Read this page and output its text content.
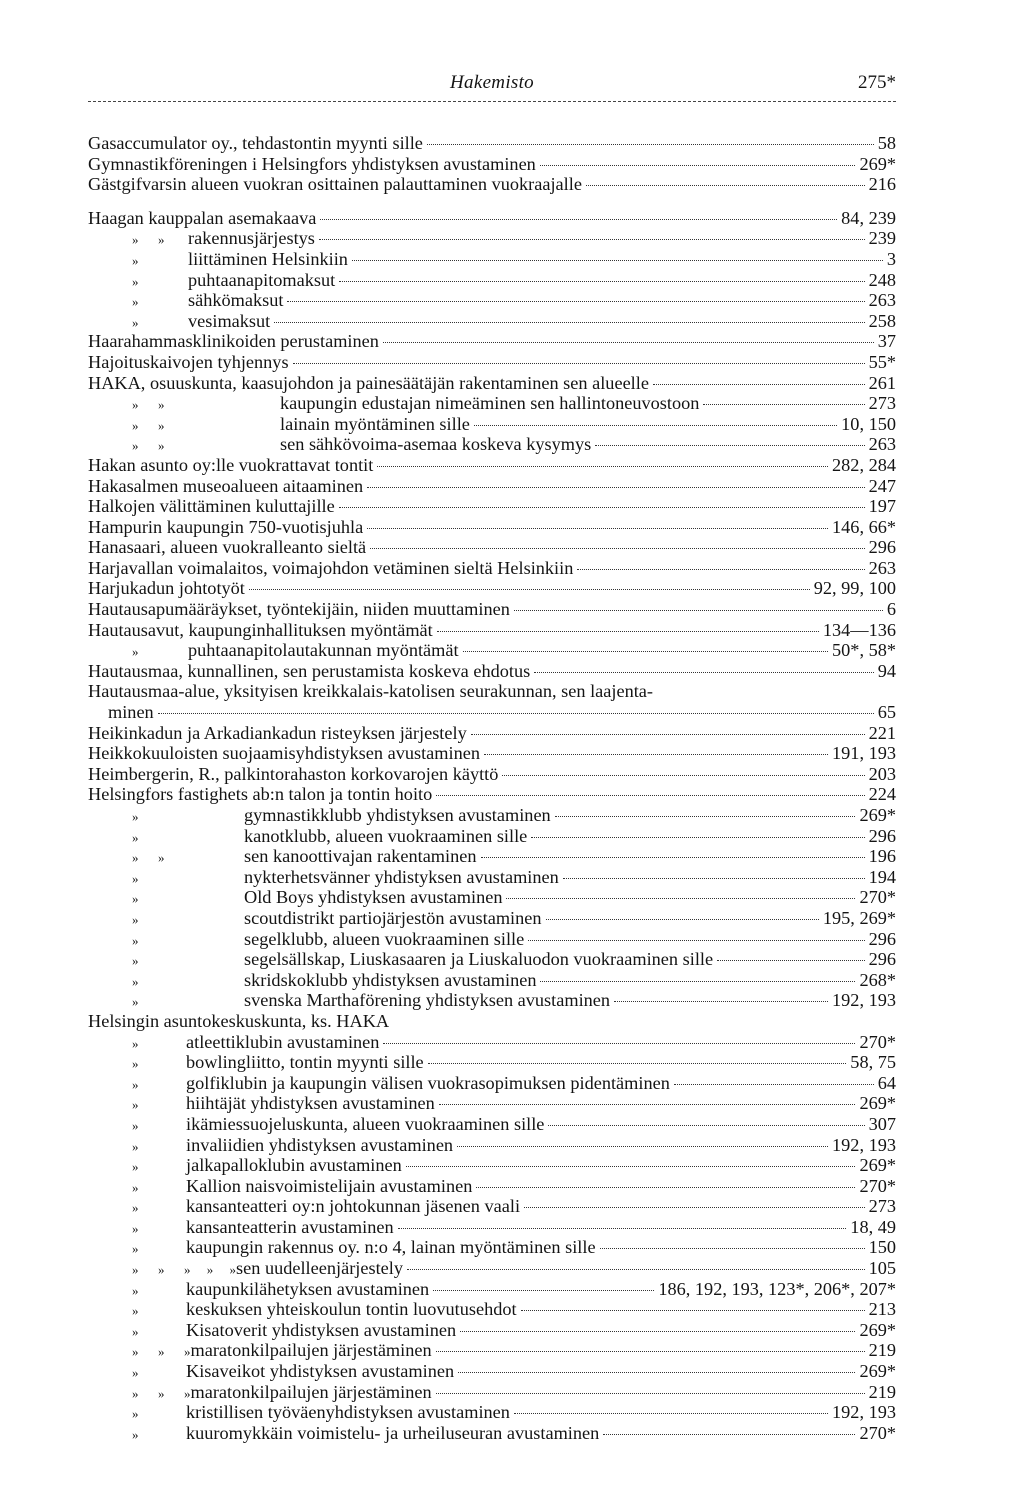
Hakemisto	275*
Gasaccumulator oy., tehdastontin myynti sille	58
Gymnastikföreningen i Helsingfors yhdistyksen avustaminen	269*
Gästgifvarsin alueen vuokran osittainen palauttaminen vuokraajalle	216
Haagan kauppalan asemakaava	84, 239
»      »	rakennusjärjestys	239
»	liittäminen Helsinkiin	3
»	puhtaanapitomaksut	248
»	sähkömaksut	263
»	vesimaksut	258
Haarahammasklinikoiden perustaminen	37
Hajoituskaivojen tyhjennys	55*
HAKA, osuuskunta, kaasujohdon ja painesäätäjän rakentaminen sen alueelle	261
»      »	kaupungin edustajan nimeäminen sen hallintoneuvostoon	273
»      »	lainain myöntäminen sille	10, 150
»      »	sen sähkövoima-asemaa koskeva kysymys	263
Hakan asunto oy:lle vuokrattavat tontit	282, 284
Hakasalmen museoalueen aitaaminen	247
Halkojen välittäminen kuluttajille	197
Hampurin kaupungin 750-vuotisjuhla	146, 66*
Hanasaari, alueen vuokralleanto sieltä	296
Harjavallan voimalaitos, voimajohdon vetäminen sieltä Helsinkiin	263
Harjukadun johtotyöt	92, 99, 100
Hautausapumääräykset, työntekijäin, niiden muuttaminen	6
Hautausavut, kaupunginhallituksen myöntämät	134—136
»	puhtaanapitolautakunnan myöntämät	50*, 58*
Hautausmaa, kunnallinen, sen perustamista koskeva ehdotus	94
Hautausmaa-alue, yksityisen kreikkalais-katolisen seurakunnan, sen laajenta-
minen	65
Heikinkadun ja Arkadiankadun risteyksen järjestely	221
Heikkokuuloisten suojaamisyhdistyksen avustaminen	191, 193
Heimbergerin, R., palkintorahaston korkovarojen käyttö	203
Helsingfors fastighets ab:n talon ja tontin hoito	224
»	gymnastikklubb yhdistyksen avustaminen	269*
»	kanotklubb, alueen vuokraaminen sille	296
»      »	sen kanoottivajan rakentaminen	196
»	nykterhetsvänner yhdistyksen avustaminen	194
»	Old Boys yhdistyksen avustaminen	270*
»	scoutdistrikt partiojärjestön avustaminen	195, 269*
»	segelklubb, alueen vuokraaminen sille	296
»	segelsällskap, Liuskasaaren ja Liuskaluodon vuokraaminen sille	296
»	skridskoklubb yhdistyksen avustaminen	268*
»	svenska Marthaförening yhdistyksen avustaminen	192, 193
Helsingin asuntokeskuskunta, ks. HAKA
»	atleettiklubin avustaminen	270*
»	bowlingliitto, tontin myynti sille	58, 75
»	golfiklubin ja kaupungin välisen vuokrasopimuksen pidentäminen	64
»	hiihtäjät yhdistyksen avustaminen	269*
»	ikämiessuojeluskunta, alueen vuokraaminen sille	307
»	invaliidien yhdistyksen avustaminen	192, 193
»	jalkapalloklubin avustaminen	269*
»	Kallion naisvoimistelijain avustaminen	270*
»	kansanteatteri oy:n johtokunnan jäsenen vaali	273
»	kansanteatterin avustaminen	18, 49
»	kaupungin rakennus oy. n:o 4, lainan myöntäminen sille	150
»      »      »     »     » sen uudelleenjärjestely	105
»	kaupunkilähetyksen avustaminen	186, 192, 193, 123*, 206*, 207*
»	keskuksen yhteiskoulun tontin luovutusehdot	213
»	Kisatoverit yhdistyksen avustaminen	269*
»      »      » maratonkilpailujen järjestäminen	219
»	Kisaveikot yhdistyksen avustaminen	269*
»      »      » maratonkilpailujen järjestäminen	219
»	kristillisen työväenyhdistyksen avustaminen	192, 193
»	kuuromykkäin voimistelu- ja urheiluseuran avustaminen	270*
